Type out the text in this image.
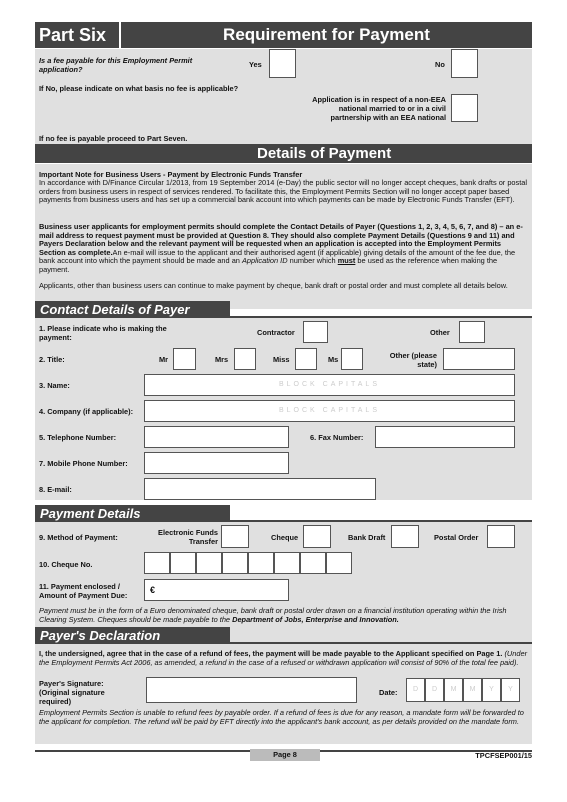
Part Six	Requirement for Payment
Is a fee payable for this Employment Permit application?
Yes	No
If No, please indicate on what basis no fee is applicable?
Application is in respect of a non-EEA national married to or in a civil partnership with an EEA national
If no fee is payable proceed to Part Seven.
Details of Payment
Important Note for Business Users - Payment by Electronic Funds Transfer
In accordance with D/Finance Circular 1/2013, from 19 September 2014 (e-Day) the public sector will no longer accept cheques, bank drafts or postal orders from business users in respect of services rendered. To facilitate this, the Employment Permits Section will no longer accept paper based payments from business users and has set up a commercial bank account into which payments can be made by Electronic Funds Transfer (EFT).
Business user applicants for employment permits should complete the Contact Details of Payer (Questions 1, 2, 3, 4, 5, 6, 7, and 8) – an e-mail address to request payment must be provided at Question 8. They should also complete Payment Details (Questions 9 and 11) and Payers Declaration below and the relevant payment will be requested when an application is accepted into the Employment Permits Section as complete.An e-mail will issue to the applicant and their authorised agent (if applicable) giving details of the amount of the fee due, the bank account into which the payment should be made and an Application ID number which must be used as the reference when making the payment.
Applicants, other than business users can continue to make payment by cheque, bank draft or postal order and must complete all details below.
Contact Details of Payer
1. Please indicate who is making the payment:
Contractor	Other
2. Title:	Mr	Mrs	Miss	Ms	Other (please state)
3. Name:	BLOCK CAPITALS
4. Company (if applicable):	BLOCK CAPITALS
5. Telephone Number:	6. Fax Number:
7. Mobile Phone Number:
8. E-mail:
Payment Details
9. Method of Payment:
Electronic Funds Transfer	Cheque	Bank Draft	Postal Order
10. Cheque No.
11. Payment enclosed / Amount of Payment Due:
€
Payment must be in the form of a Euro denominated cheque, bank draft or postal order drawn on a financial institution operating within the Irish Clearing System. Cheques should be made payable to the Department of Jobs, Enterprise and Innovation.
Payer's Declaration
I, the undersigned, agree that in the case of a refund of fees, the payment will be made payable to the Applicant specified on Page 1. (Under the Employment Permits Act 2006, as amended, a refund in the case of a refused or withdrawn application will consist of 90% of the total fee paid).
Payer's Signature: (Original signature required)
Date:	D	D	M	M	Y	Y
Employment Permits Section is unable to refund fees by payable order. If a refund of fees is due for any reason, a mandate form will be forwarded to the applicant for completion. The refund will be paid by EFT directly into the applicant's bank account, as per details provided on the mandate form.
Page 8	TPCFSEP001/15
